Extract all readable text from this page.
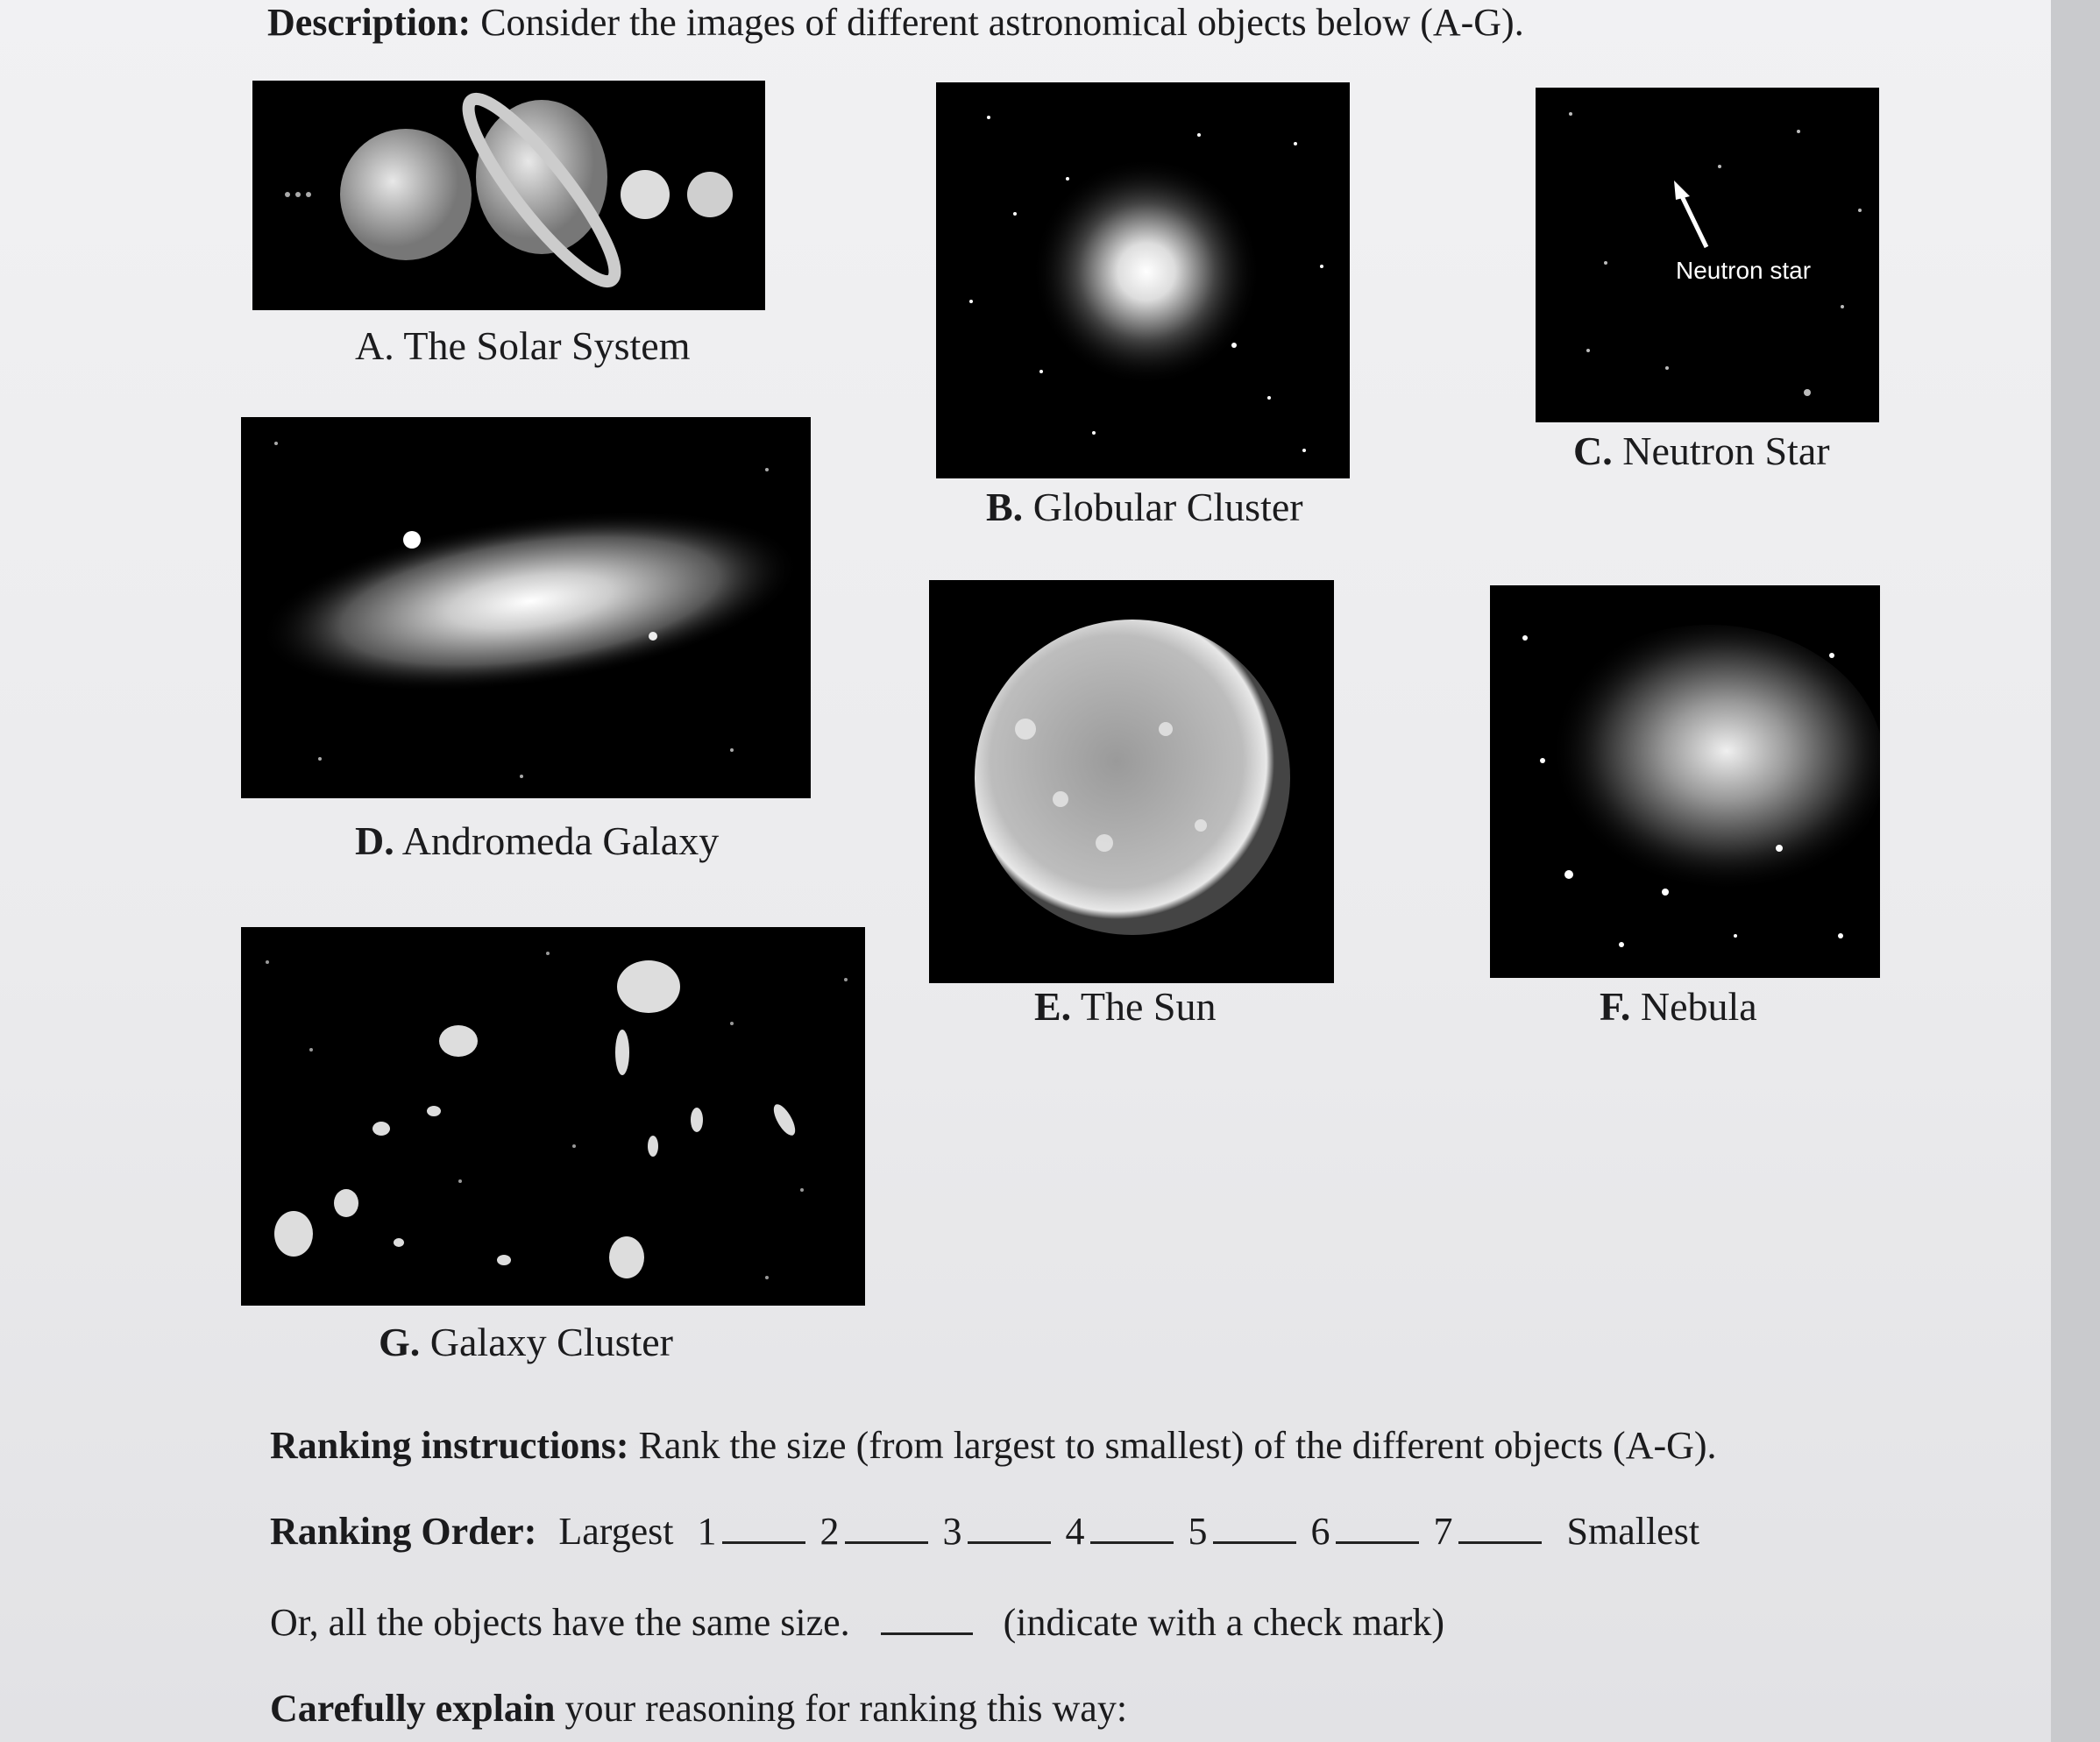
Description: Consider the images of different astronomical objects below (A-G).
A. The Solar System
B. Globular Cluster
Neutron star
C. Neutron Star
D. Andromeda Galaxy
E. The Sun	F. Nebula
G. Galaxy Cluster
Ranking instructions: Rank the size (from largest to smallest) of the different objects (A-G).
Ranking Order: Largest 1	2	3	4	5	6	7	Smallest
Or, all the objects have the same size.	(indicate with a check mark)
Carefully explain your reasoning for ranking this way:
